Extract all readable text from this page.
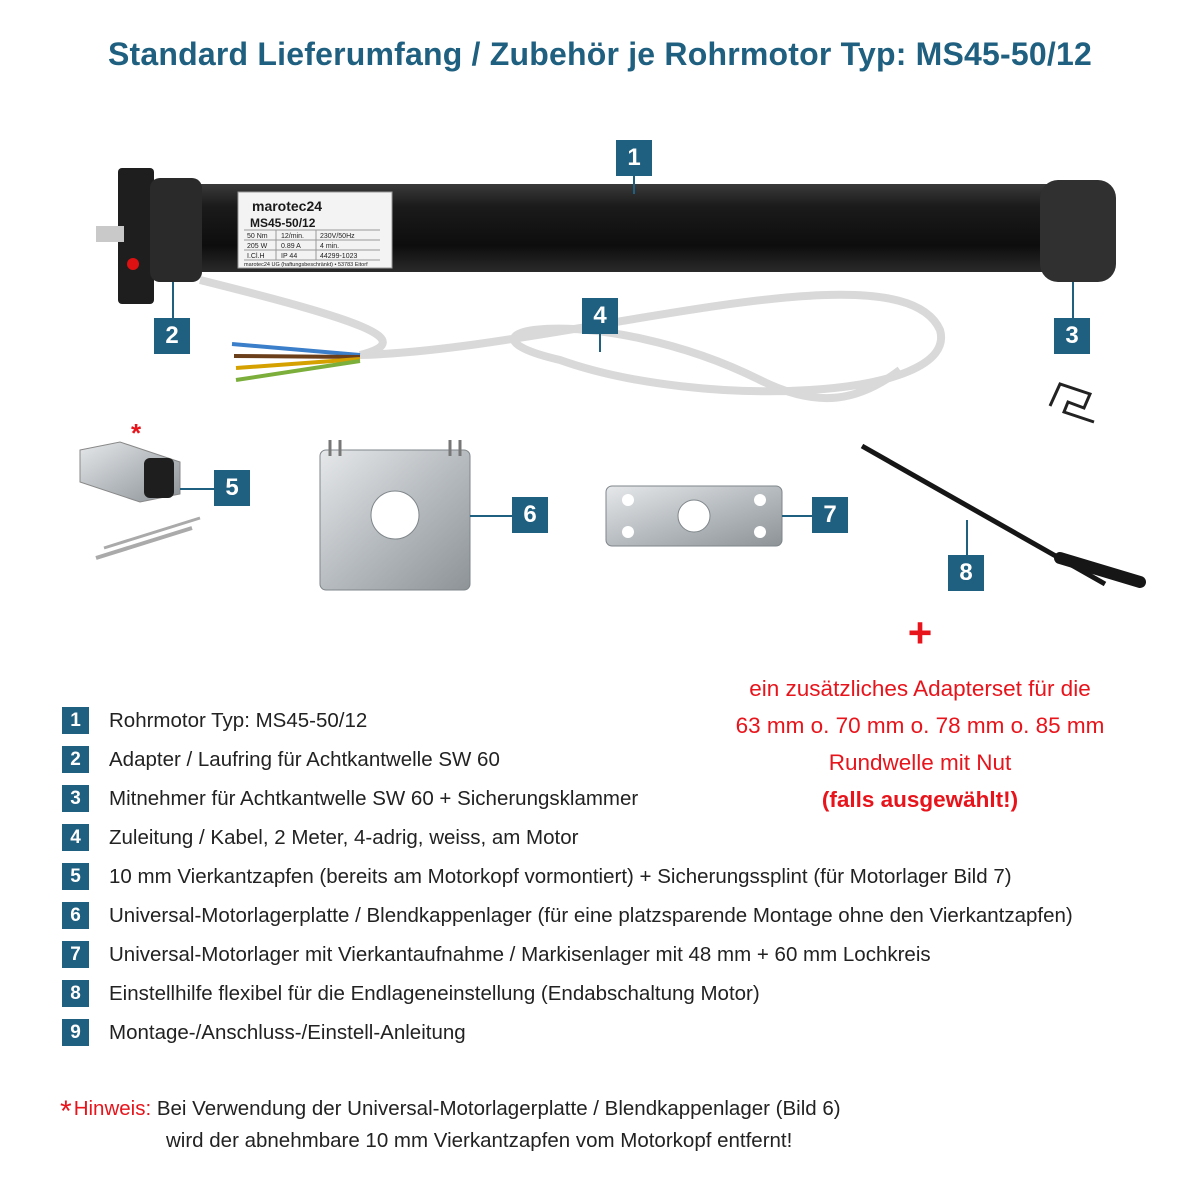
Standard Lieferumfang / Zubehör je Rohrmotor Typ: MS45-50/12
marotec24
MS45-50/12
50 Nm 12/min. 230V/50Hz
205 W 0.89 A	4 min.
I.Cl.H IP 44	44299-1023
marotec24 UG (haftungsbeschränkt) • 53783 Eitorf
*
1
2	3
4
5
6	7
8
+
ein zusätzliches Adapterset für die
63 mm o. 70 mm o. 78 mm o. 85 mm
Rundwelle mit Nut
(falls ausgewählt!)
1	Rohrmotor Typ: MS45-50/12
2	Adapter / Laufring für Achtkantwelle SW 60
3	Mitnehmer für Achtkantwelle SW 60 + Sicherungsklammer
4	Zuleitung / Kabel, 2 Meter, 4-adrig, weiss, am Motor
5	10 mm Vierkantzapfen (bereits am Motorkopf vormontiert) + Sicherungssplint (für Motorlager Bild 7)
6	Universal-Motorlagerplatte / Blendkappenlager (für eine platzsparende Montage ohne den Vierkantzapfen)
7	Universal-Motorlager mit Vierkantaufnahme / Markisenlager mit 48 mm + 60 mm Lochkreis
8	Einstellhilfe flexibel für die Endlageneinstellung (Endabschaltung Motor)
9	Montage-/Anschluss-/Einstell-Anleitung
*Hinweis: Bei Verwendung der Universal-Motorlagerplatte / Blendkappenlager (Bild 6)
wird der abnehmbare 10 mm Vierkantzapfen vom Motorkopf entfernt!
